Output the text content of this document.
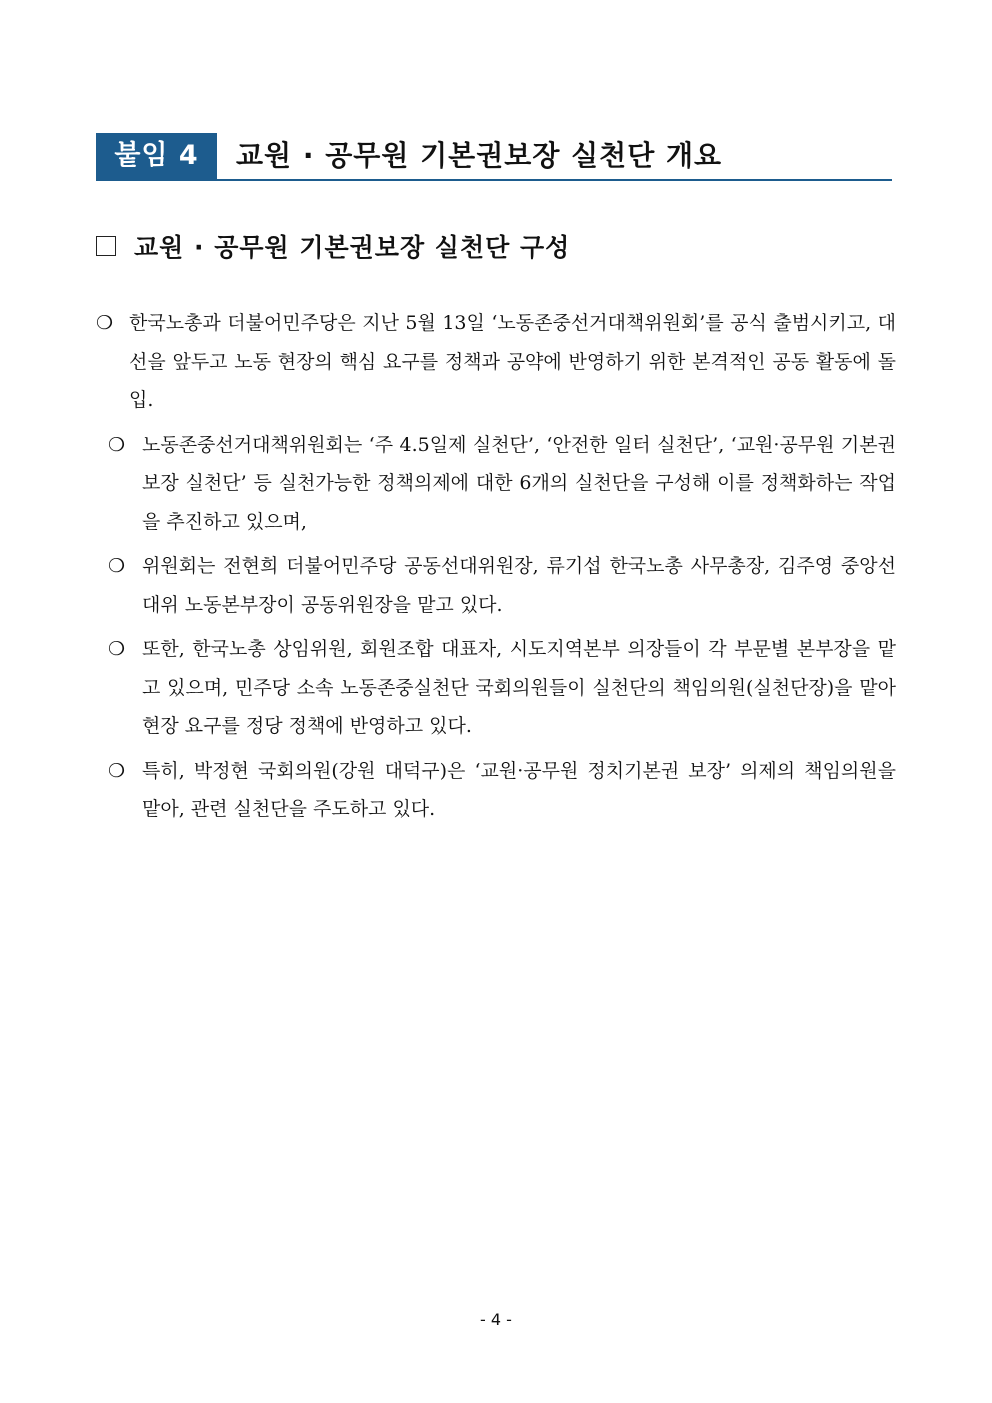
붙임 4	교원 · 공무원 기본권보장 실천단 개요
교원 · 공무원 기본권보장 실천단 구성
❍ 한국노총과 더불어민주당은 지난 5월 13일 ‘노동존중선거대책위원회’를 공식 출범시키고, 대선을 앞두고 노동 현장의 핵심 요구를 정책과 공약에 반영하기 위한 본격적인 공동 활동에 돌입.
❍ 노동존중선거대책위원회는 ‘주 4.5일제 실천단’, ‘안전한 일터 실천단’, ‘교원·공무원 기본권보장 실천단’ 등 실천가능한 정책의제에 대한 6개의 실천단을 구성해 이를 정책화하는 작업을 추진하고 있으며,
❍ 위원회는 전현희 더불어민주당 공동선대위원장, 류기섭 한국노총 사무총장, 김주영 중앙선대위 노동본부장이 공동위원장을 맡고 있다.
❍ 또한, 한국노총 상임위원, 회원조합 대표자, 시도지역본부 의장들이 각 부문별 본부장을 맡고 있으며, 민주당 소속 노동존중실천단 국회의원들이 실천단의 책임의원(실천단장)을 맡아 현장 요구를 정당 정책에 반영하고 있다.
❍ 특히, 박정현 국회의원(강원 대덕구)은 ‘교원·공무원 정치기본권 보장’ 의제의 책임의원을 맡아, 관련 실천단을 주도하고 있다.
- 4 -
